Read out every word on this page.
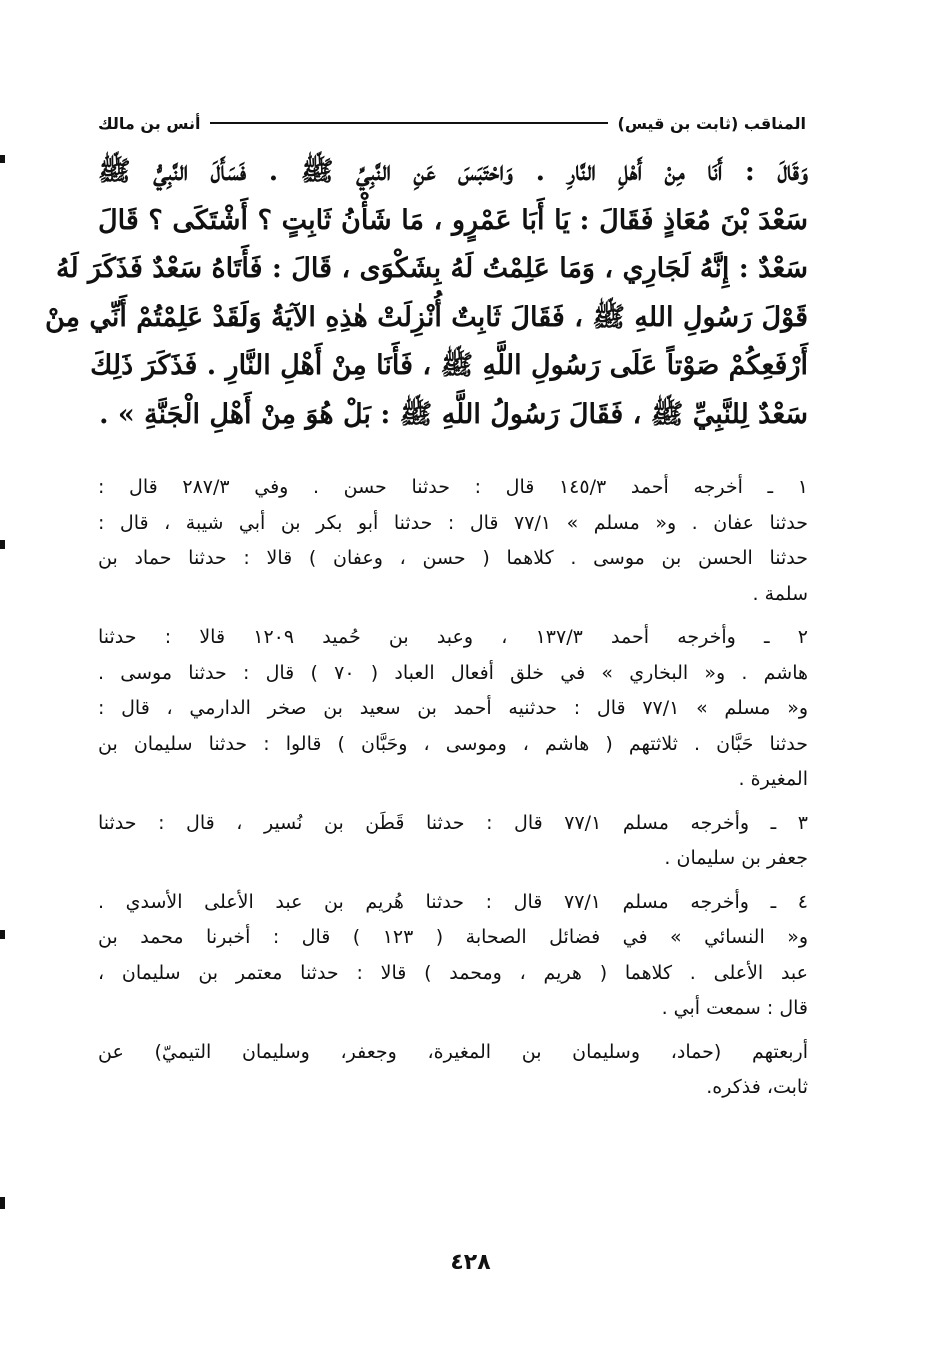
المناقب (ثابت بن قيس)
أنس بن مالك
وَقَالَ : أَنَا مِنْ أَهْلِ النَّارِ . وَاحْتَبَسَ عَنِ النَّبِيِّ ﷺ . فَسَأَلَ النَّبِيُّ ﷺ
سَعْدَ بْنَ مُعَاذٍ فَقَالَ : يَا أَبَا عَمْرٍو ، مَا شَأْنُ ثَابِتٍ ؟ أَشْتَكَى ؟ قَالَ
سَعْدٌ : إِنَّهُ لَجَارِي ، وَمَا عَلِمْتُ لَهُ بِشَكْوَى ، قَالَ : فَأَتَاهُ سَعْدٌ فَذَكَرَ لَهُ
قَوْلَ رَسُولِ اللهِ ﷺ ، فَقَالَ ثَابِتٌ أُنْزِلَتْ هٰذِهِ الآيَةُ وَلَقَدْ عَلِمْتُمْ أَنِّي مِنْ
أَرْفَعِكُمْ صَوْتاً عَلَى رَسُولِ اللَّهِ ﷺ ، فَأَنَا مِنْ أَهْلِ النَّارِ . فَذَكَرَ ذَلِكَ
سَعْدٌ لِلنَّبِيِّ ﷺ ، فَقَالَ رَسُولُ اللَّهِ ﷺ : بَلْ هُوَ مِنْ أَهْلِ الْجَنَّةِ » .
١ ـ أخرجه أحمد ١٤٥/٣ قال : حدثنا حسن . وفي ٢٨٧/٣ قال :
حدثنا عفان . و« مسلم » ٧٧/١ قال : حدثنا أبو بكر بن أبي شيبة ، قال :
حدثنا الحسن بن موسى . كلاهما ( حسن ، وعفان ) قالا : حدثنا حماد بن
سلمة .
٢ ـ وأخرجه أحمد ١٣٧/٣ ، وعبد بن حُميد ١٢٠٩ قالا : حدثنا
هاشم . و« البخاري » في خلق أفعال العباد ( ٧٠ ) قال : حدثنا موسى .
و« مسلم » ٧٧/١ قال : حدثنيه أحمد بن سعيد بن صخر الدارمي ، قال :
حدثنا حَبَّان . ثلاثتهم ( هاشم ، وموسى ، وحَبَّان ) قالوا : حدثنا سليمان بن
المغيرة .
٣ ـ وأخرجه مسلم ٧٧/١ قال : حدثنا قَطَن بن نُسير ، قال : حدثنا
جعفر بن سليمان .
٤ ـ وأخرجه مسلم ٧٧/١ قال : حدثنا هُريم بن عبد الأعلى الأسدي .
و« النسائي » في فضائل الصحابة ( ١٢٣ ) قال : أخبرنا محمد بن
عبد الأعلى . كلاهما ( هريم ، ومحمد ) قالا : حدثنا معتمر بن سليمان ،
قال : سمعت أبي .
أربعتهم (حماد، وسليمان بن المغيرة، وجعفر، وسليمان التيميّ) عن
ثابت، فذكره.
٤٢٨
